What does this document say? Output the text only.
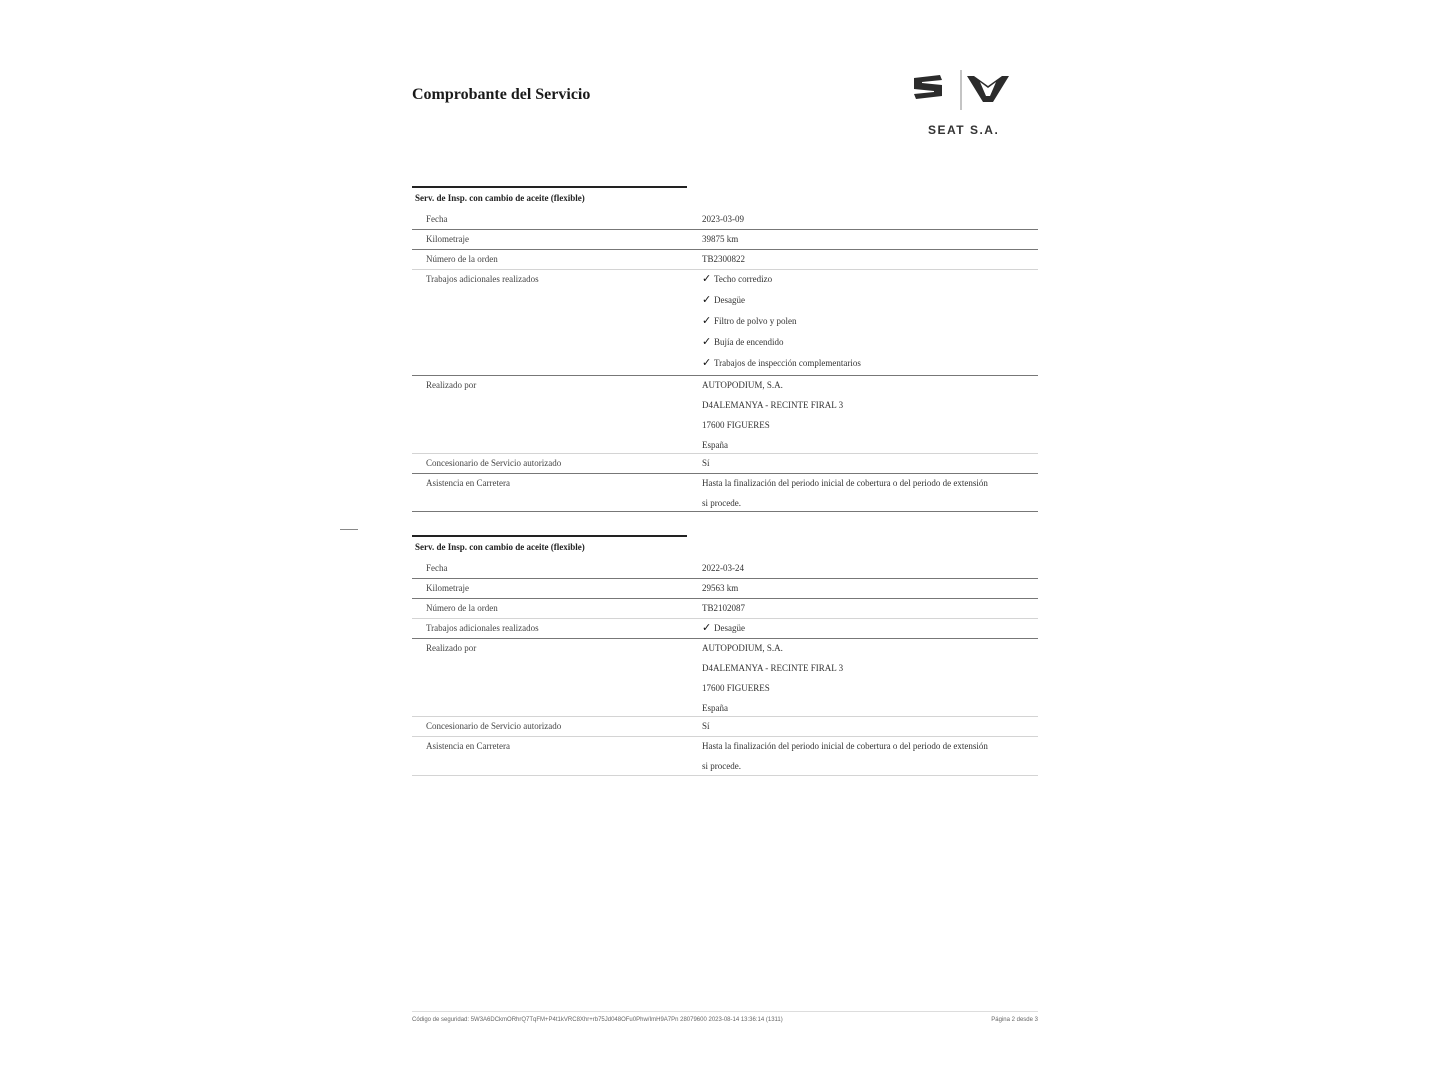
Comprobante del Servicio
SEAT S.A.
Serv. de Insp. con cambio de aceite (flexible)
Fecha	2023-03-09
Kilometraje	39875 km
Número de la orden	TB2300822
Trabajos adicionales realizados	✓ Techo corredizo
✓ Desagüe
✓ Filtro de polvo y polen
✓ Bujía de encendido
✓ Trabajos de inspección complementarios
Realizado por	AUTOPODIUM, S.A.
D4ALEMANYA - RECINTE FIRAL 3
17600 FIGUERES
España
Concesionario de Servicio autorizado	Sí
Asistencia en Carretera	Hasta la finalización del periodo inicial de cobertura o del periodo de extensión
si procede.
Serv. de Insp. con cambio de aceite (flexible)
Fecha	2022-03-24
Kilometraje	29563 km
Número de la orden	TB2102087
Trabajos adicionales realizados	✓ Desagüe
Realizado por	AUTOPODIUM, S.A.
D4ALEMANYA - RECINTE FIRAL 3
17600 FIGUERES
España
Concesionario de Servicio autorizado	Sí
Asistencia en Carretera	Hasta la finalización del periodo inicial de cobertura o del periodo de extensión
si procede.
Código de seguridad: 5W3A6DCkmORhrQ7TqFM+P4t1kVRC8Xhr+rb75Jd048OFu0Phw/ImH9A7Pn 28079600 2023-08-14 13:36:14 (1311)	Página 2 desde 3
